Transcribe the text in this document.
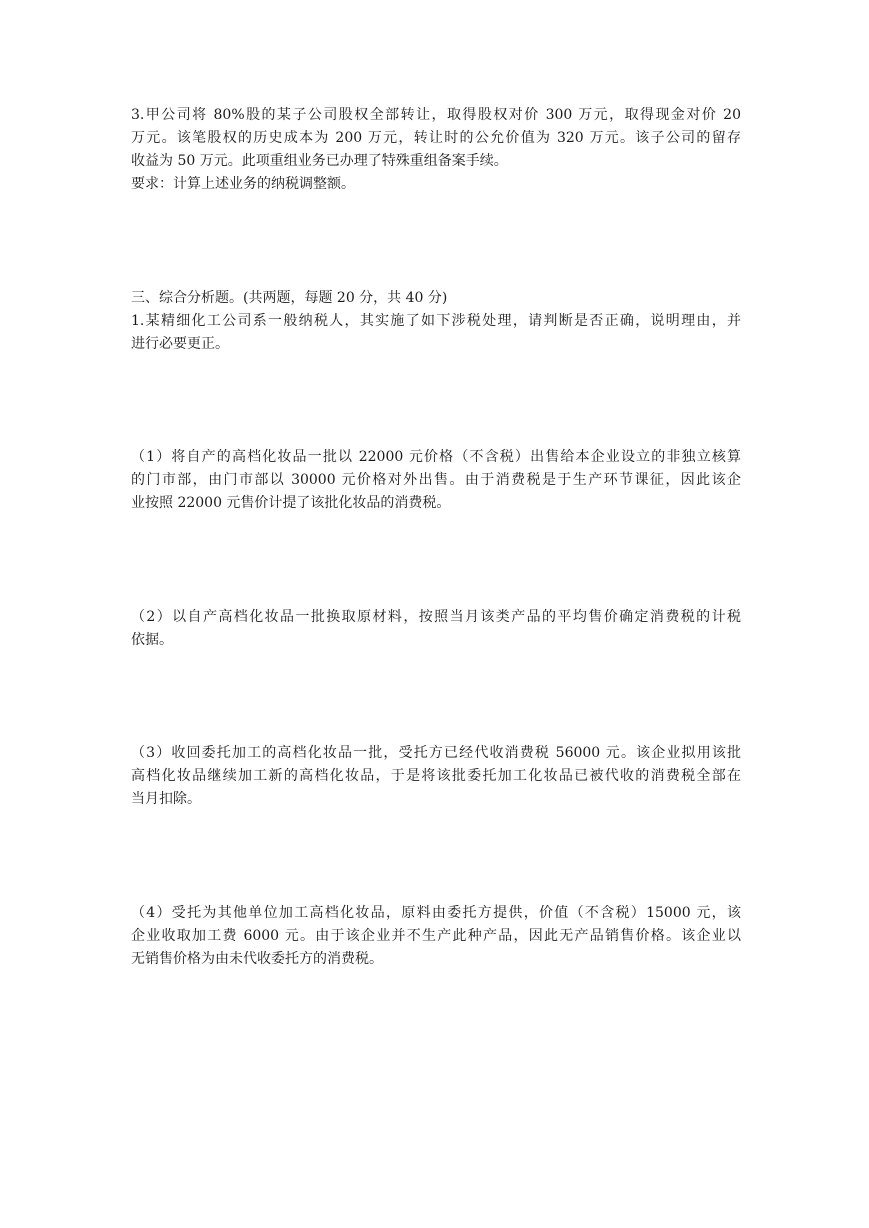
3.甲公司将 80%股的某子公司股权全部转让，取得股权对价 300 万元，取得现金对价 20
万元。该笔股权的历史成本为 200 万元，转让时的公允价值为 320 万元。该子公司的留存
收益为 50 万元。此项重组业务已办理了特殊重组备案手续。
要求：计算上述业务的纳税调整额。
三、综合分析题。(共两题，每题 20 分，共 40 分)
1.某精细化工公司系一般纳税人，其实施了如下涉税处理，请判断是否正确，说明理由，并
进行必要更正。
（1）将自产的高档化妆品一批以 22000 元价格（不含税）出售给本企业设立的非独立核算
的门市部，由门市部以 30000 元价格对外出售。由于消费税是于生产环节课征，因此该企
业按照 22000 元售价计提了该批化妆品的消费税。
（2）以自产高档化妆品一批换取原材料，按照当月该类产品的平均售价确定消费税的计税
依据。
（3）收回委托加工的高档化妆品一批，受托方已经代收消费税 56000 元。该企业拟用该批
高档化妆品继续加工新的高档化妆品，于是将该批委托加工化妆品已被代收的消费税全部在
当月扣除。
（4）受托为其他单位加工高档化妆品，原料由委托方提供，价值（不含税）15000 元，该
企业收取加工费 6000 元。由于该企业并不生产此种产品，因此无产品销售价格。该企业以
无销售价格为由未代收委托方的消费税。
